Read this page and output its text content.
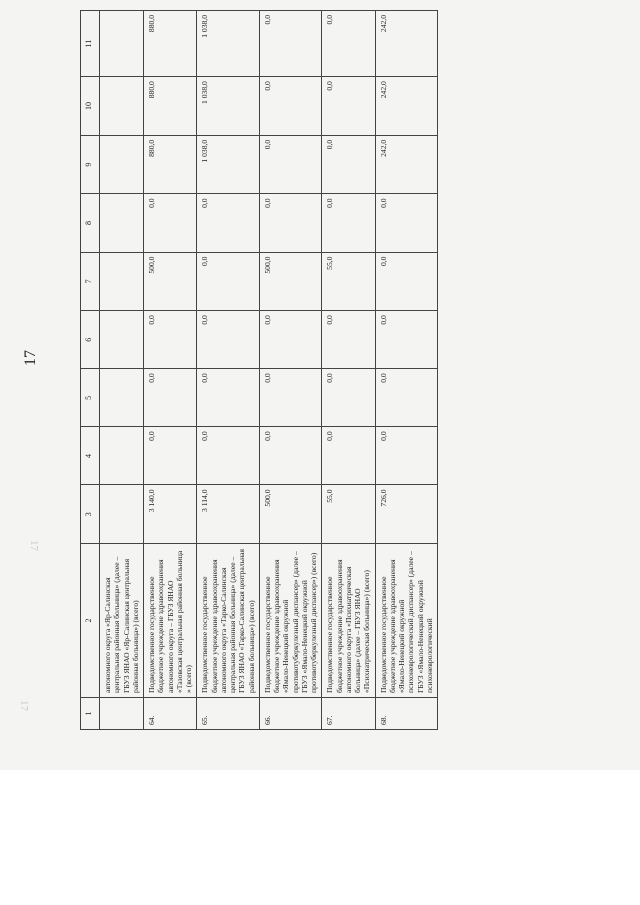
17
17
17
1	2	3	4	5	6	7	8	9	10	11
	автономного округа «Яр-Салинская центральная районная больница» (далее – ГБУЗ ЯНАО «Яр-Салинская центральная районная больница») (всего)									
64.	Подведомственное государственное бюджетное учреждение здравоохранения автономного округа – ГБУЗ ЯНАО «Тазовская центральная районная больница » (всего)	3 140,0	0,0	0,0	0,0	500,0	0,0	880,0	880,0	880,0
65.	Подведомственное государственное бюджетное учреждение здравоохранения автономного округа «Тарко-Салинская центральная районная больница» (далее – ГБУЗ ЯНАО «Тарко-Салинская центральная районная больница») (всего)	3 114,0	0,0	0,0	0,0	0,0	0,0	1 038,0	1 038,0	1 038,0
66.	Подведомственное государственное бюджетное учреждение здравоохранения «Ямало-Ненецкий окружной противотуберкулезный диспансер» (далее – ГБУЗ «Ямало-Ненецкий окружной противотуберкулезный диспансер») (всего)	500,0	0,0	0,0	0,0	500,0	0,0	0,0	0,0	0,0
67.	Подведомственное государственное бюджетное учреждение здравоохранения автономного округа «Психиатрическая больница» (далее – ГБУЗ ЯНАО «Психиатрическая больница») (всего)	55,0	0,0	0,0	0,0	55,0	0,0	0,0	0,0	0,0
68.	Подведомственное государственное бюджетное учреждение здравоохранения «Ямало-Ненецкий окружной психоневрологический диспансер» (далее – ГБУЗ «Ямало-Ненецкий окружной психоневрологический	726,0	0,0	0,0	0,0	0,0	0,0	242,0	242,0	242,0
